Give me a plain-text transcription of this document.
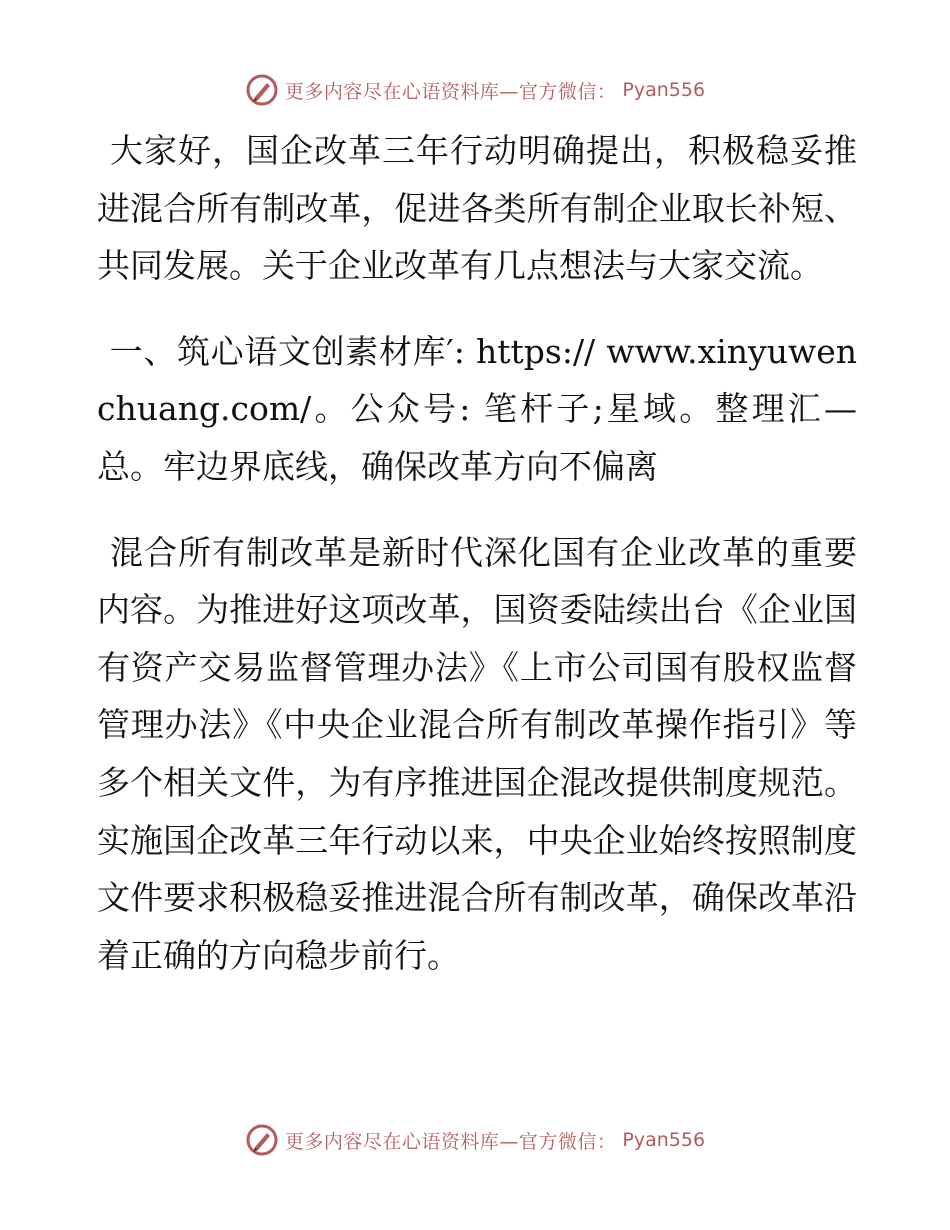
更多内容尽在心语资料库—官方微信： Pyan556

大家好，国企改革三年行动明确提出，积极稳妥推进混合所有制改革，促进各类所有制企业取长补短、共同发展。关于企业改革有几点想法与大家交流。

一、筑心语文创素材库′: https:// www.xinyuwenchuang.com/。公众号: 笔杆子;星域。整理汇—总。牢边界底线，确保改革方向不偏离

混合所有制改革是新时代深化国有企业改革的重要内容。为推进好这项改革，国资委陆续出台《企业国有资产交易监督管理办法》《上市公司国有股权监督管理办法》《中央企业混合所有制改革操作指引》等多个相关文件，为有序推进国企混改提供制度规范。实施国企改革三年行动以来，中央企业始终按照制度文件要求积极稳妥推进混合所有制改革，确保改革沿着正确的方向稳步前行。

更多内容尽在心语资料库—官方微信： Pyan556
